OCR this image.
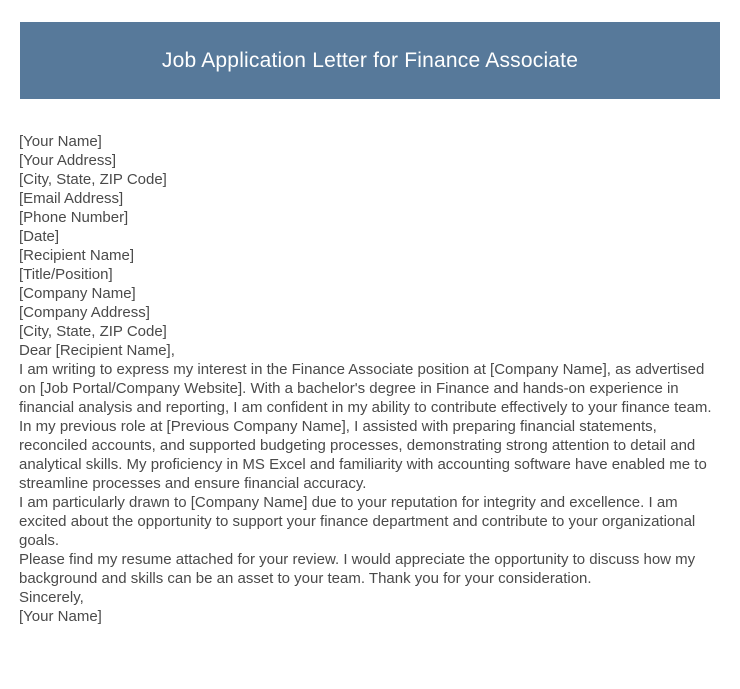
Job Application Letter for Finance Associate
[Your Name]
[Your Address]
[City, State, ZIP Code]
[Email Address]
[Phone Number]
[Date]
[Recipient Name]
[Title/Position]
[Company Name]
[Company Address]
[City, State, ZIP Code]
Dear [Recipient Name],

I am writing to express my interest in the Finance Associate position at [Company Name], as advertised on [Job Portal/Company Website]. With a bachelor's degree in Finance and hands-on experience in financial analysis and reporting, I am confident in my ability to contribute effectively to your finance team.

In my previous role at [Previous Company Name], I assisted with preparing financial statements, reconciled accounts, and supported budgeting processes, demonstrating strong attention to detail and analytical skills. My proficiency in MS Excel and familiarity with accounting software have enabled me to streamline processes and ensure financial accuracy.

I am particularly drawn to [Company Name] due to your reputation for integrity and excellence. I am excited about the opportunity to support your finance department and contribute to your organizational goals.

Please find my resume attached for your review. I would appreciate the opportunity to discuss how my background and skills can be an asset to your team. Thank you for your consideration.

Sincerely,
[Your Name]
